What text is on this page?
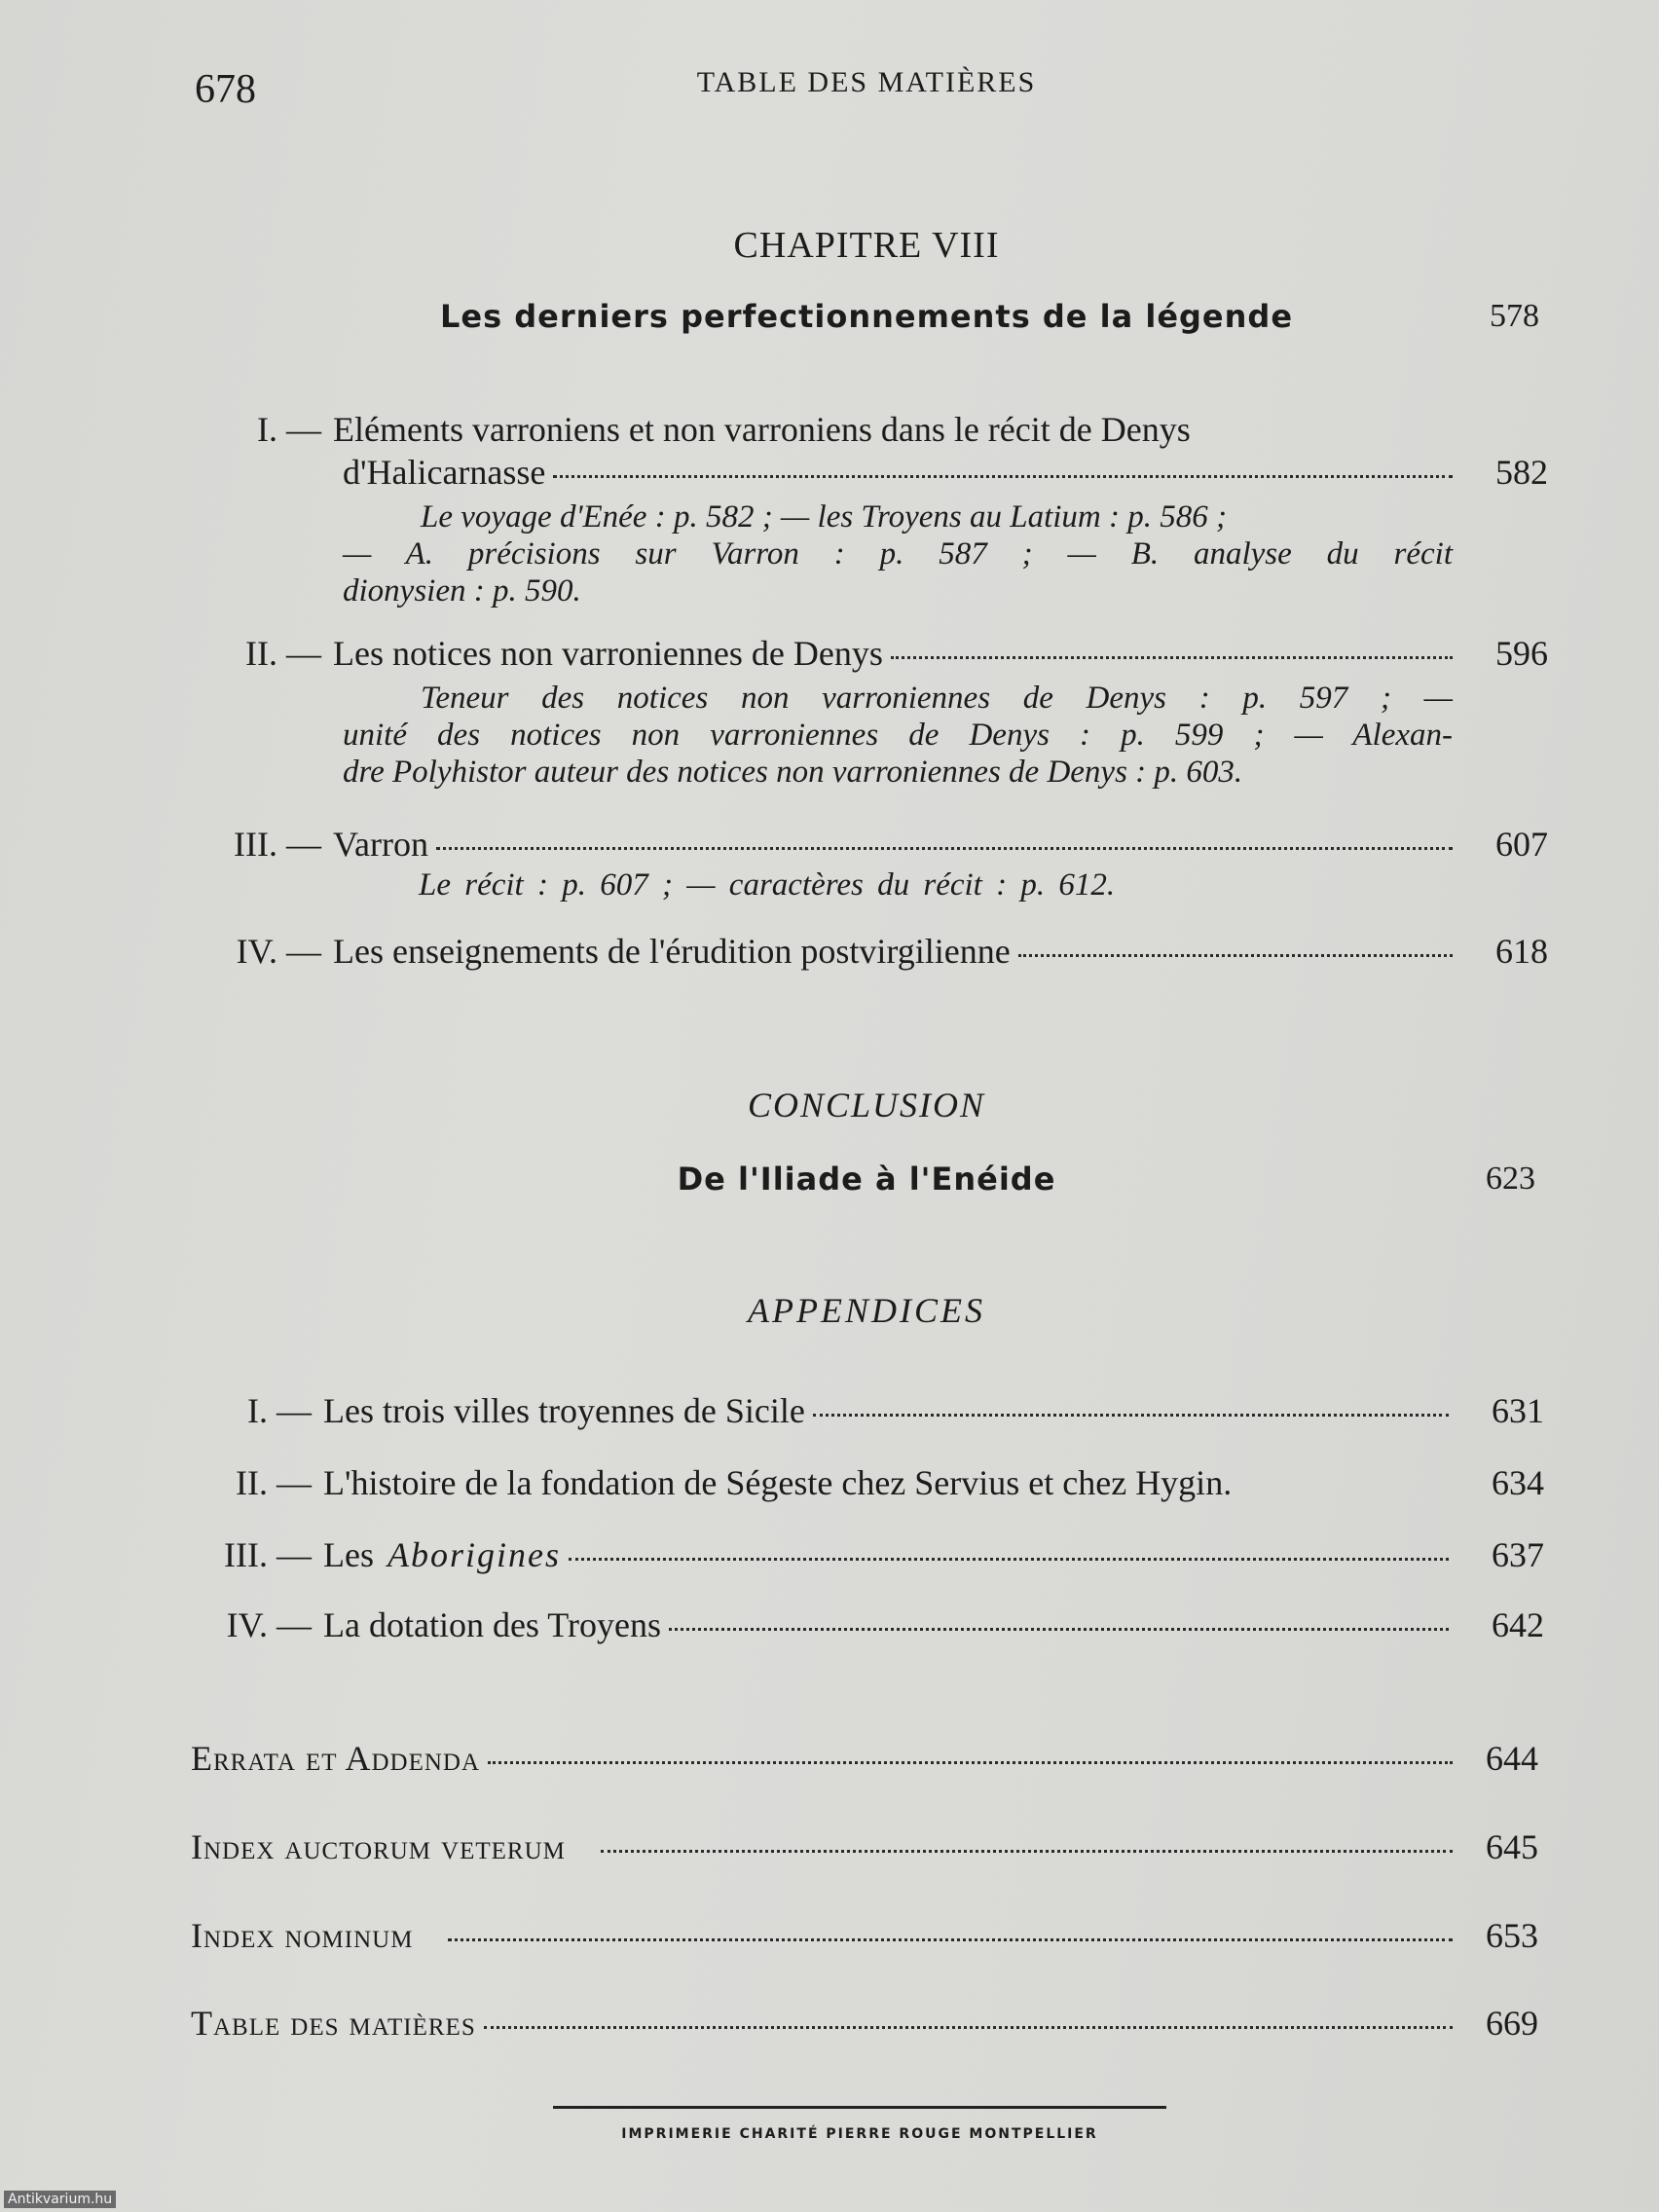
678	TABLE DES MATIÈRES
CHAPITRE VIII
Les derniers perfectionnements de la légende	578
I. — Eléments varroniens et non varroniens dans le récit de Denys
d'Halicarnasse	582
Le voyage d'Enée : p. 582 ; — les Troyens au Latium : p. 586 ;
— A. précisions sur Varron : p. 587 ; — B. analyse du récit
dionysien : p. 590.
II. — Les notices non varroniennes de Denys	596
Teneur des notices non varroniennes de Denys : p. 597 ; —
unité des notices non varroniennes de Denys : p. 599 ; — Alexan-
dre Polyhistor auteur des notices non varroniennes de Denys : p. 603.
III. — Varron	607
Le récit : p. 607 ; — caractères du récit : p. 612.
IV. — Les enseignements de l'érudition postvirgilienne	618
CONCLUSION
De l'Iliade à l'Enéide	623
APPENDICES
I. — Les trois villes troyennes de Sicile	631
II. — L'histoire de la fondation de Ségeste chez Servius et chez Hygin.	634
III. — Les Aborigines	637
IV. — La dotation des Troyens	642
Errata et Addenda	644
Index auctorum veterum	645
Index nominum	653
Table des matières	669
IMPRIMERIE CHARITÉ PIERRE ROUGE MONTPELLIER
Antikvarium.hu
